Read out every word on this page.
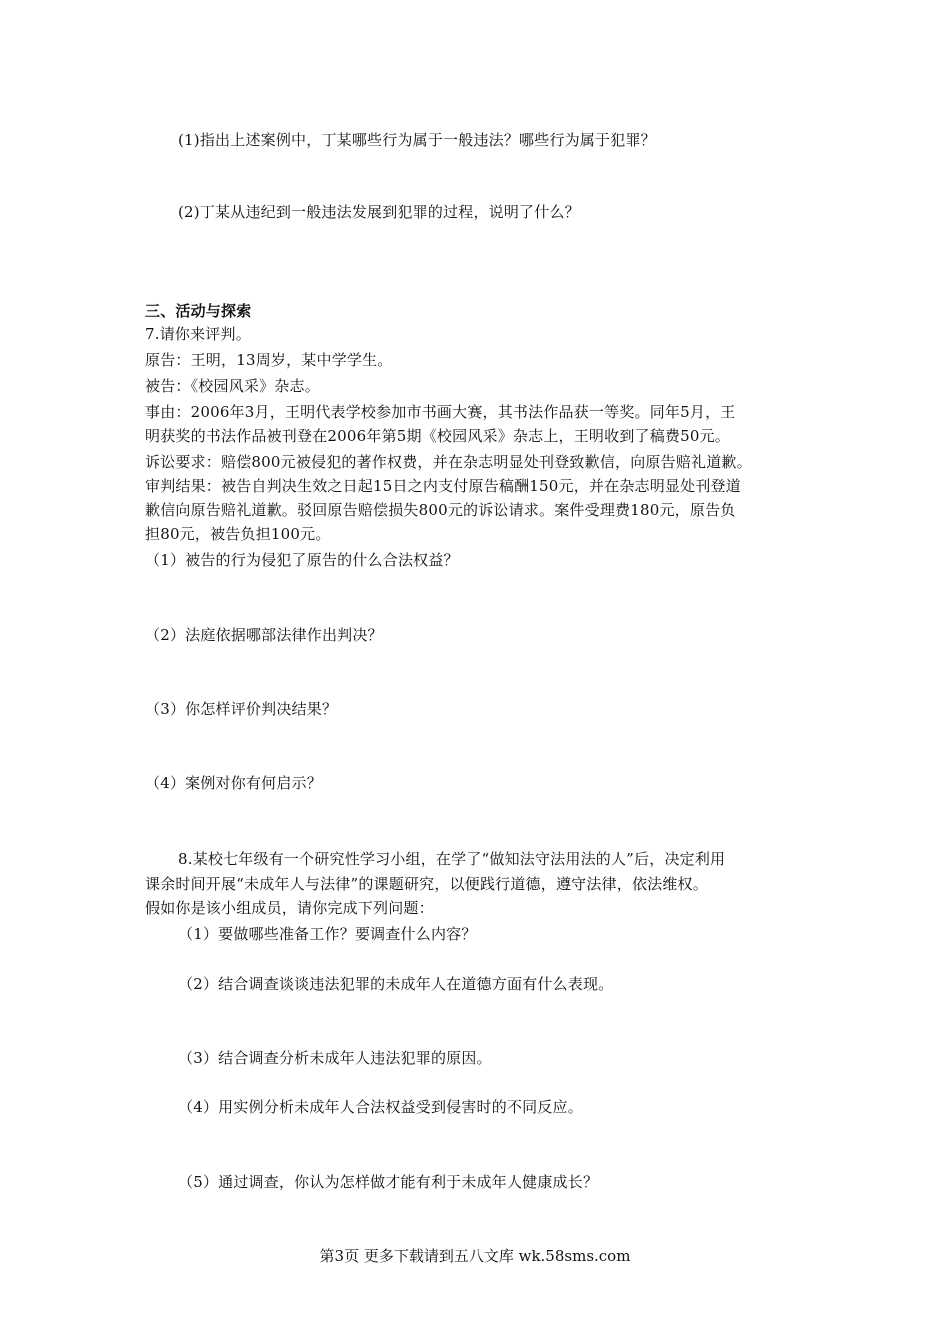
(1)指出上述案例中，丁某哪些行为属于一般违法？哪些行为属于犯罪？
(2)丁某从违纪到一般违法发展到犯罪的过程，说明了什么？
三、活动与探索
7.请你来评判。
原告：王明，13周岁，某中学学生。
被告：《校园风采》杂志。
事由：2006年3月，王明代表学校参加市书画大赛，其书法作品获一等奖。同年5月，王
明获奖的书法作品被刊登在2006年第5期《校园风采》杂志上，王明收到了稿费50元。
诉讼要求：赔偿800元被侵犯的著作权费，并在杂志明显处刊登致歉信，向原告赔礼道歉。
审判结果：被告自判决生效之日起15日之内支付原告稿酬150元，并在杂志明显处刊登道
歉信向原告赔礼道歉。驳回原告赔偿损失800元的诉讼请求。案件受理费180元，原告负
担80元，被告负担100元。
（1）被告的行为侵犯了原告的什么合法权益？
（2）法庭依据哪部法律作出判决？
（3）你怎样评价判决结果？
（4）案例对你有何启示？
8.某校七年级有一个研究性学习小组，在学了“做知法守法用法的人”后，决定利用
课余时间开展“未成年人与法律”的课题研究，以便践行道德，遵守法律，依法维权。
假如你是该小组成员，请你完成下列问题：
（1）要做哪些准备工作？要调查什么内容？
（2）结合调查谈谈违法犯罪的未成年人在道德方面有什么表现。
（3）结合调查分析未成年人违法犯罪的原因。
（4）用实例分析未成年人合法权益受到侵害时的不同反应。
（5）通过调查，你认为怎样做才能有利于未成年人健康成长？
第3页 更多下载请到五八文库 wk.58sms.com
